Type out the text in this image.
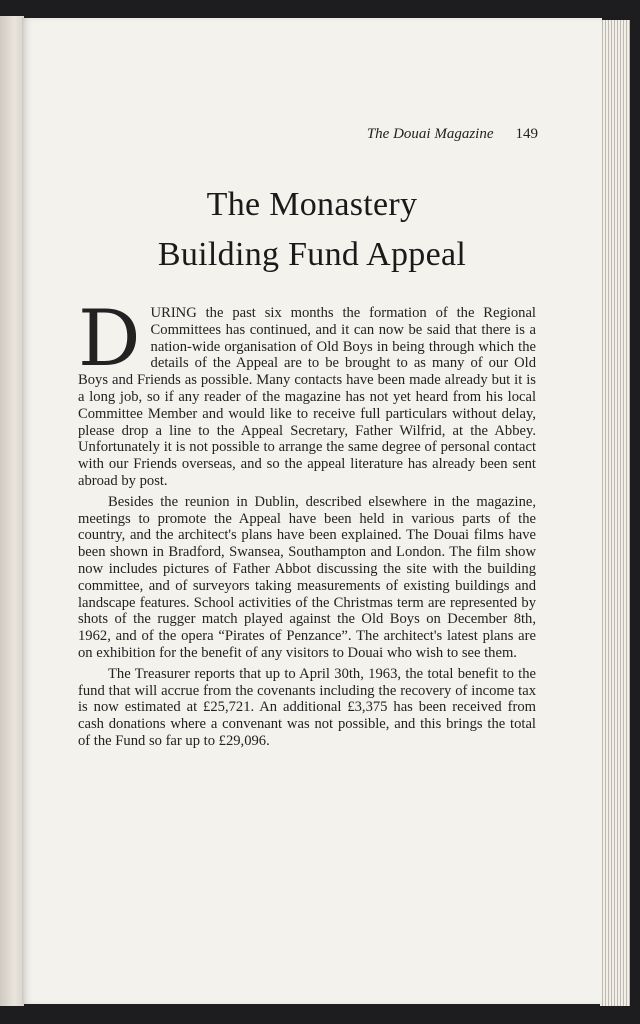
The Douai Magazine 149
The Monastery
Building Fund Appeal

DURING the past six months the formation of the Regional Committees has continued, and it can now be said that there is a nation-wide organisation of Old Boys in being through which the details of the Appeal are to be brought to as many of our Old Boys and Friends as possible. Many contacts have been made already but it is a long job, so if any reader of the magazine has not yet heard from his local Committee Member and would like to receive full particulars without delay, please drop a line to the Appeal Secretary, Father Wilfrid, at the Abbey. Unfortunately it is not possible to arrange the same degree of personal contact with our Friends overseas, and so the appeal literature has already been sent abroad by post.

Besides the reunion in Dublin, described elsewhere in the magazine, meetings to promote the Appeal have been held in various parts of the country, and the architect's plans have been explained. The Douai films have been shown in Bradford, Swansea, Southampton and London. The film show now includes pictures of Father Abbot discussing the site with the building committee, and of surveyors taking measurements of existing buildings and landscape features. School activities of the Christmas term are represented by shots of the rugger match played against the Old Boys on December 8th, 1962, and of the opera “Pirates of Penzance”. The architect's latest plans are on exhibition for the benefit of any visitors to Douai who wish to see them.

The Treasurer reports that up to April 30th, 1963, the total benefit to the fund that will accrue from the covenants including the recovery of income tax is now estimated at £25,721. An additional £3,375 has been received from cash donations where a convenant was not possible, and this brings the total of the Fund so far up to £29,096.
